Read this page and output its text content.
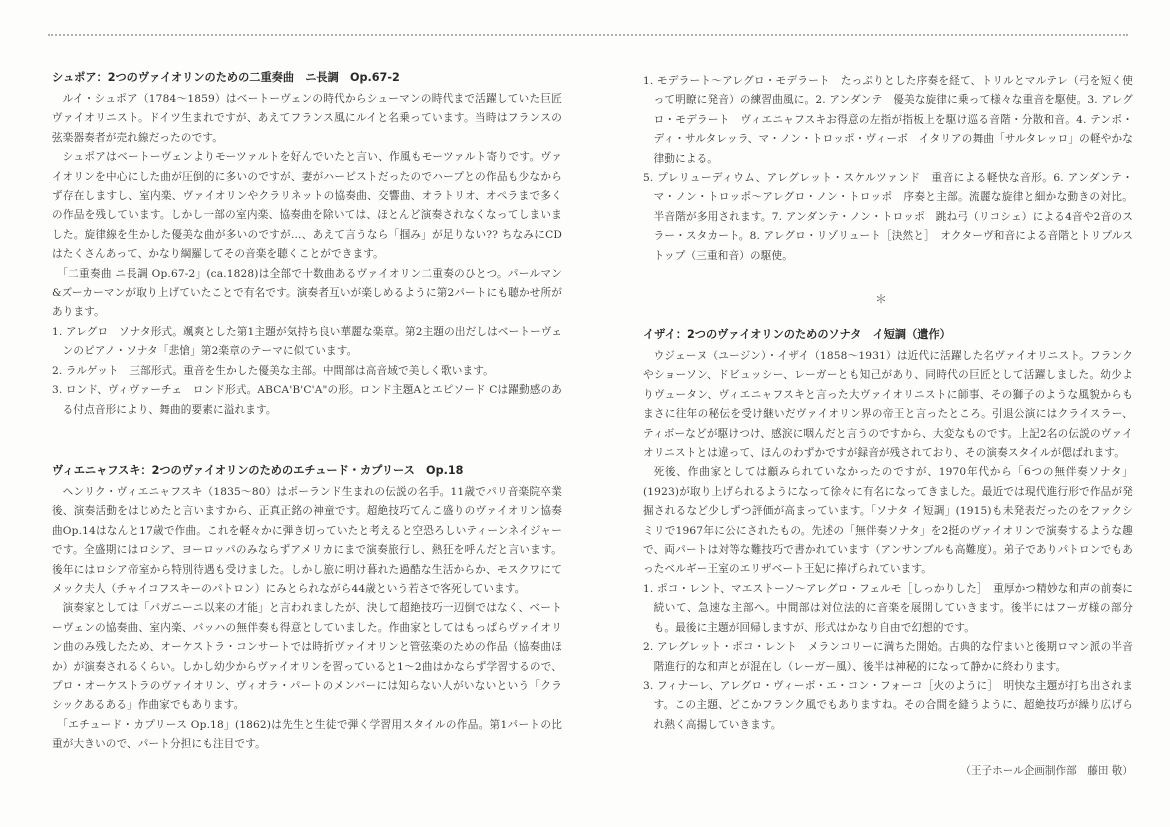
シュポア：2つのヴァイオリンのための二重奏曲　ニ長調　Op.67-2

ルイ・シュポア（1784～1859）はベートーヴェンの時代からシューマンの時代まで活躍していた巨匠ヴァイオリニスト。ドイツ生まれですが、あえてフランス風にルイと名乗っています。当時はフランスの弦楽器奏者が売れ線だったのです。

シュポアはベートーヴェンよりモーツァルトを好んでいたと言い、作風もモーツァルト寄りです。ヴァイオリンを中心にした曲が圧倒的に多いのですが、妻がハーピストだったのでハープとの作品も少なからず存在しますし、室内楽、ヴァイオリンやクラリネットの協奏曲、交響曲、オラトリオ、オペラまで多くの作品を残しています。しかし一部の室内楽、協奏曲を除いては、ほとんど演奏されなくなってしまいました。旋律線を生かした優美な曲が多いのですが…、あえて言うなら「掴み」が足りない?? ちなみにCDはたくさんあって、かなり綱羅してその音楽を聴くことができます。

「二重奏曲 ニ長調 Op.67-2」(ca.1828)は全部で十数曲あるヴァイオリン二重奏のひとつ。パールマン&ズーカーマンが取り上げていたことで有名です。演奏者互いが楽しめるように第2パートにも聴かせ所があります。

1. アレグロ　ソナタ形式。颯爽とした第1主題が気持ち良い華麗な楽章。第2主題の出だしはベートーヴェンのピアノ・ソナタ「悲愴」第2楽章のテーマに似ています。

2. ラルゲット　三部形式。重音を生かした優美な主部。中間部は高音域で美しく歌います。

3. ロンド、ヴィヴァーチェ　ロンド形式。ABCA'B'C'A"の形。ロンド主題Aとエピソード Cは躍動感のある付点音形により、舞曲的要素に溢れます。

ヴィエニャフスキ：2つのヴァイオリンのためのエチュード・カプリース　Op.18

ヘンリク・ヴィエニャフスキ（1835～80）はポーランド生まれの伝説の名手。11歳でパリ音楽院卒業後、演奏活動をはじめたと言いますから、正真正銘の神童です。超絶技巧てんこ盛りのヴァイオリン協奏曲Op.14はなんと17歳で作曲。これを軽々かに弾き切っていたと考えると空恐ろしいティーンネイジャーです。全盛期にはロシア、ヨーロッパのみならずアメリカにまで演奏旅行し、熱狂を呼んだと言います。後年にはロシア帝室から特別待遇も受けました。しかし旅に明け暮れた過酷な生活からか、モスクワにてメック夫人（チャイコフスキーのパトロン）にみとられながら44歳という若さで客死しています。

演奏家としては「パガニーニ以来の才能」と言われましたが、決して超絶技巧一辺倒ではなく、ベートーヴェンの協奏曲、室内楽、バッハの無伴奏も得意としていました。作曲家としてはもっぱらヴァイオリン曲のみ残したため、オーケストラ・コンサートでは時折ヴァイオリンと管弦楽のための作品（協奏曲ほか）が演奏されるくらい。しかし幼少からヴァイオリンを習っていると1～2曲はかならず学習するので、プロ・オーケストラのヴァイオリン、ヴィオラ・パートのメンバーには知らない人がいないという「クラシックあるある」作曲家でもあります。

「エチュード・カプリース Op.18」(1862)は先生と生徒で弾く学習用スタイルの作品。第1パートの比重が大きいので、パート分担にも注目です。

1. モデラート～アレグロ・モデラート　たっぷりとした序奏を経て、トリルとマルテレ（弓を短く使って明瞭に発音）の練習曲風に。2. アンダンテ　優美な旋律に乗って様々な重音を駆使。3. アレグロ・モデラート　ヴィエニャフスキお得意の左指が指板上を駆け巡る音階・分散和音。4. テンポ・ディ・サルタレッラ、マ・ノン・トロッポ・ヴィーボ　イタリアの舞曲「サルタレッロ」の軽やかな律動による。

5. プレリューディウム、アレグレット・スケルツァンド　重音による軽快な音形。6. アンダンテ・マ・ノン・トロッポ～アレグロ・ノン・トロッポ　序奏と主部。流麗な旋律と細かな動きの対比。半音階が多用されます。7. アンダンテ・ノン・トロッポ　跳ね弓（リコシェ）による4音や2音のスラー・スタカート。8. アレグロ・リゾリュート［決然と］　オクターヴ和音による音階とトリプルストップ（三重和音）の駆使。

＊
イザイ：2つのヴァイオリンのためのソナタ　イ短調（遺作）

ウジェーヌ（ユージン）・イザイ（1858～1931）は近代に活躍した名ヴァイオリニスト。フランクやショーソン、ドビュッシー、レーガーとも知己があり、同時代の巨匠として活躍しました。幼少よりヴュータン、ヴィエニャフスキと言った大ヴァイオリニストに師事、その獅子のような風貌からもまさに往年の秘伝を受け継いだヴァイオリン界の帝王と言ったところ。引退公演にはクライスラー、ティボーなどが駆けつけ、感涙に咽んだと言うのですから、大変なものです。上記2名の伝説のヴァイオリニストとは違って、ほんのわずかですが録音が残されており、その演奏スタイルが偲ばれます。

死後、作曲家としては顧みられていなかったのですが、1970年代から「6つの無伴奏ソナタ」(1923)が取り上げられるようになって徐々に有名になってきました。最近では現代進行形で作品が発掘されるなど少しずつ評価が高まっています。「ソナタ イ短調」(1915)も未発表だったのをファクシミリで1967年に公にされたもの。先述の「無伴奏ソナタ」を2挺のヴァイオリンで演奏するような趣で、両パートは対等な難技巧で書かれています（アンサンブルも高難度）。弟子でありパトロンでもあったベルギー王室のエリザベート王妃に捧げられています。

1. ポコ・レント、マエストーソ～アレグロ・フェルモ［しっかりした］　重厚かつ精妙な和声の前奏に続いて、急速な主部へ。中間部は対位法的に音楽を展開していきます。後半にはフーガ様の部分も。最後に主題が回帰しますが、形式はかなり自由で幻想的です。

2. アレグレット・ポコ・レント　メランコリーに満ちた開始。古典的な佇まいと後期ロマン派の半音階進行的な和声とが混在し（レーガー風）、後半は神秘的になって静かに終わります。

3. フィナーレ、アレグロ・ヴィーボ・エ・コン・フォーコ［火のように］　明快な主題が打ち出されます。この主題、どこかフランク風でもありますね。その合間を縫うように、超絶技巧が繰り広げられ熱く高揚していきます。

（王子ホール企画制作部　藤田 敬）
